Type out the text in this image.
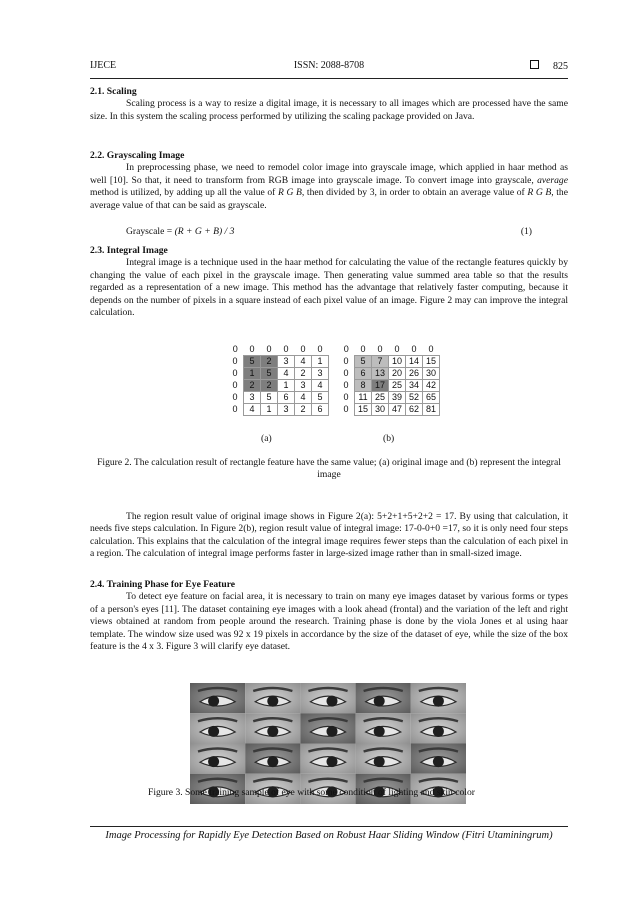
IJECE	ISSN: 2088-8708	825
2.1. Scaling
Scaling process is a way to resize a digital image, it is necessary to all images which are processed have the same size. In this system the scaling process performed by utilizing the scaling package provided on Java.
2.2. Grayscaling Image
In preprocessing phase, we need to remodel color image into grayscale image, which applied in haar method as well [10]. So that, it need to transform from RGB image into grayscale image. To convert image into grayscale, average method is utilized, by adding up all the value of R G B, then divided by 3, in order to obtain an average value of R G B, the average value of that can be said as grayscale.
Grayscale = (R + G + B) / 3	(1)
2.3. Integral Image
Integral image is a technique used in the haar method for calculating the value of the rectangle features quickly by changing the value of each pixel in the grayscale image. Then generating value summed area table so that the results regarded as a representation of a new image. This method has the advantage that relatively faster computing, because it depends on the number of pixels in a square instead of each pixel value of an image. Figure 2 may can improve the integral calculation.
0	0	0	0	0	0
0	5	2	3	4	1
0	1	5	4	2	3
0	2	2	1	3	4
0	3	5	6	4	5
0	4	1	3	2	6
0	0	0	0	0	0
0	5	7	10	14	15
0	6	13	20	26	30
0	8	17	25	34	42
0	11	25	39	52	65
0	15	30	47	62	81
(a)	(b)
Figure 2. The calculation result of rectangle feature have the same value; (a) original image and (b) represent the integral image
The region result value of original image shows in Figure 2(a): 5+2+1+5+2+2 = 17. By using that calculation, it needs five steps calculation. In Figure 2(b), region result value of integral image: 17-0-0+0 =17, so it is only need four steps calculation. This explains that the calculation of the integral image requires fewer steps than the calculation of each pixel in a region. The calculation of integral image performs faster in large-sized image rather than in small-sized image.
2.4. Training Phase for Eye Feature
To detect eye feature on facial area, it is necessary to train on many eye images dataset by various forms or types of a person's eyes [11]. The dataset containing eye images with a look ahead (frontal) and the variation of the left and right views obtained at random from people around the research. Training phase is done by the viola Jones et al using haar template. The window size used was 92 x 19 pixels in accordance by the size of the dataset of eye, while the size of the box feature is the 4 x 3. Figure 3 will clarify eye dataset.
Image Processing for Rapidly Eye Detection Based on Robust Haar Sliding Window (Fitri Utaminingrum)
Figure 3. Some training sample of eye with some condition of lighting and skin color
